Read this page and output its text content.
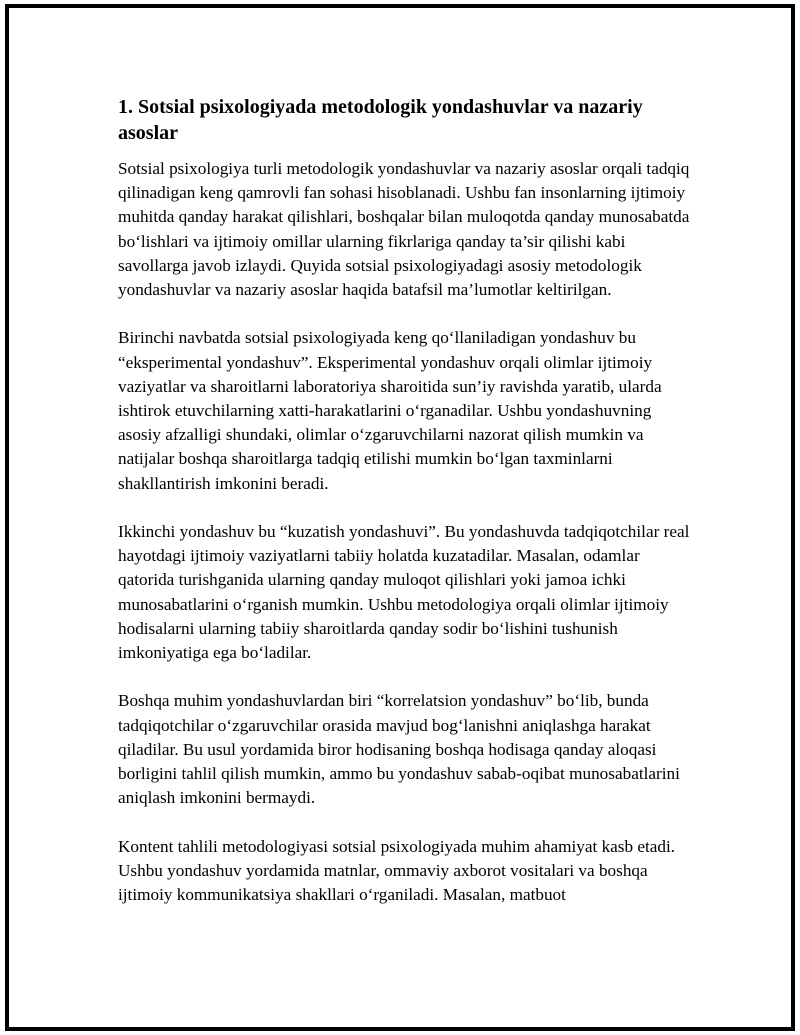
1. Sotsial psixologiyada metodologik yondashuvlar va nazariy asoslar

Sotsial psixologiya turli metodologik yondashuvlar va nazariy asoslar orqali tadqiq qilinadigan keng qamrovli fan sohasi hisoblanadi. Ushbu fan insonlarning ijtimoiy muhitda qanday harakat qilishlari, boshqalar bilan muloqotda qanday munosabatda bo‘lishlari va ijtimoiy omillar ularning fikrlariga qanday ta’sir qilishi kabi savollarga javob izlaydi. Quyida sotsial psixologiyadagi asosiy metodologik yondashuvlar va nazariy asoslar haqida batafsil ma’lumotlar keltirilgan.

Birinchi navbatda sotsial psixologiyada keng qo‘llaniladigan yondashuv bu “eksperimental yondashuv”. Eksperimental yondashuv orqali olimlar ijtimoiy vaziyatlar va sharoitlarni laboratoriya sharoitida sun’iy ravishda yaratib, ularda ishtirok etuvchilarning xatti-harakatlarini o‘rganadilar. Ushbu yondashuvning asosiy afzalligi shundaki, olimlar o‘zgaruvchilarni nazorat qilish mumkin va natijalar boshqa sharoitlarga tadqiq etilishi mumkin bo‘lgan taxminlarni shakllantirish imkonini beradi.

Ikkinchi yondashuv bu “kuzatish yondashuvi”. Bu yondashuvda tadqiqotchilar real hayotdagi ijtimoiy vaziyatlarni tabiiy holatda kuzatadilar. Masalan, odamlar qatorida turishganida ularning qanday muloqot qilishlari yoki jamoa ichki munosabatlarini o‘rganish mumkin. Ushbu metodologiya orqali olimlar ijtimoiy hodisalarni ularning tabiiy sharoitlarda qanday sodir bo‘lishini tushunish imkoniyatiga ega bo‘ladilar.

Boshqa muhim yondashuvlardan biri “korrelatsion yondashuv” bo‘lib, bunda tadqiqotchilar o‘zgaruvchilar orasida mavjud bog‘lanishni aniqlashga harakat qiladilar. Bu usul yordamida biror hodisaning boshqa hodisaga qanday aloqasi borligini tahlil qilish mumkin, ammo bu yondashuv sabab-oqibat munosabatlarini aniqlash imkonini bermaydi.

Kontent tahlili metodologiyasi sotsial psixologiyada muhim ahamiyat kasb etadi. Ushbu yondashuv yordamida matnlar, ommaviy axborot vositalari va boshqa ijtimoiy kommunikatsiya shakllari o‘rganiladi. Masalan, matbuot
